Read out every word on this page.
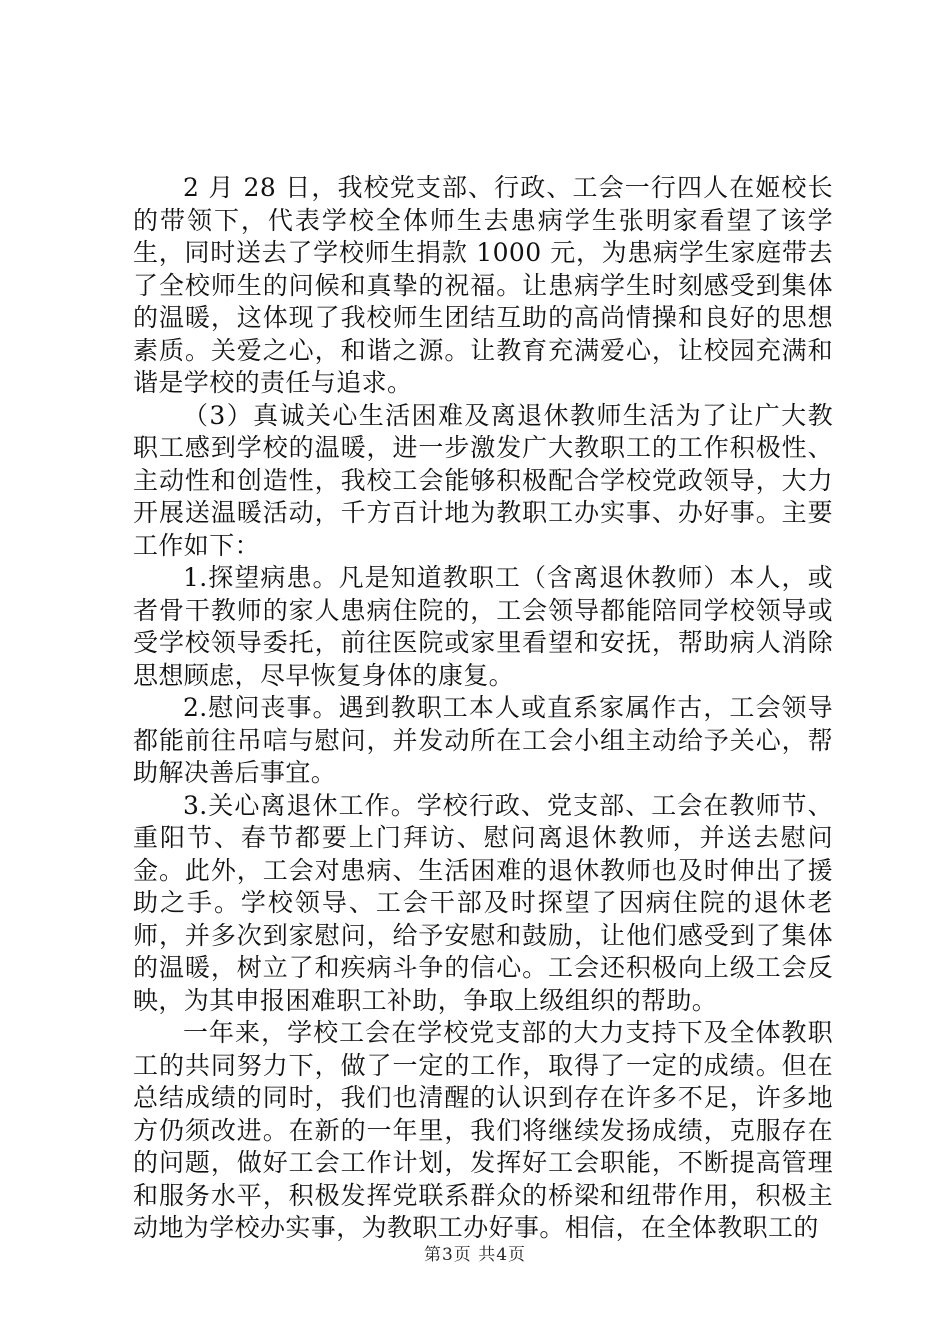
2 月 28 日，我校党支部、行政、工会一行四人在姬校长的带领下，代表学校全体师生去患病学生张明家看望了该学生，同时送去了学校师生捐款 1000 元，为患病学生家庭带去了全校师生的问候和真挚的祝福。让患病学生时刻感受到集体的温暖，这体现了我校师生团结互助的高尚情操和良好的思想素质。关爱之心，和谐之源。让教育充满爱心，让校园充满和谐是学校的责任与追求。

（3）真诚关心生活困难及离退休教师生活为了让广大教职工感到学校的温暖，进一步激发广大教职工的工作积极性、主动性和创造性，我校工会能够积极配合学校党政领导，大力开展送温暖活动，千方百计地为教职工办实事、办好事。主要工作如下：

1.探望病患。凡是知道教职工（含离退休教师）本人，或者骨干教师的家人患病住院的，工会领导都能陪同学校领导或受学校领导委托，前往医院或家里看望和安抚，帮助病人消除思想顾虑，尽早恢复身体的康复。

2.慰问丧事。遇到教职工本人或直系家属作古，工会领导都能前往吊唁与慰问，并发动所在工会小组主动给予关心，帮助解决善后事宜。

3.关心离退休工作。学校行政、党支部、工会在教师节、重阳节、春节都要上门拜访、慰问离退休教师，并送去慰问金。此外，工会对患病、生活困难的退休教师也及时伸出了援助之手。学校领导、工会干部及时探望了因病住院的退休老师，并多次到家慰问，给予安慰和鼓励，让他们感受到了集体的温暖，树立了和疾病斗争的信心。工会还积极向上级工会反映，为其申报困难职工补助，争取上级组织的帮助。

一年来，学校工会在学校党支部的大力支持下及全体教职工的共同努力下，做了一定的工作，取得了一定的成绩。但在总结成绩的同时，我们也清醒的认识到存在许多不足，许多地方仍须改进。在新的一年里，我们将继续发扬成绩，克服存在的问题，做好工会工作计划，发挥好工会职能，不断提高管理和服务水平，积极发挥党联系群众的桥梁和纽带作用，积极主动地为学校办实事，为教职工办好事。相信，在全体教职工的

第3页 共4页
